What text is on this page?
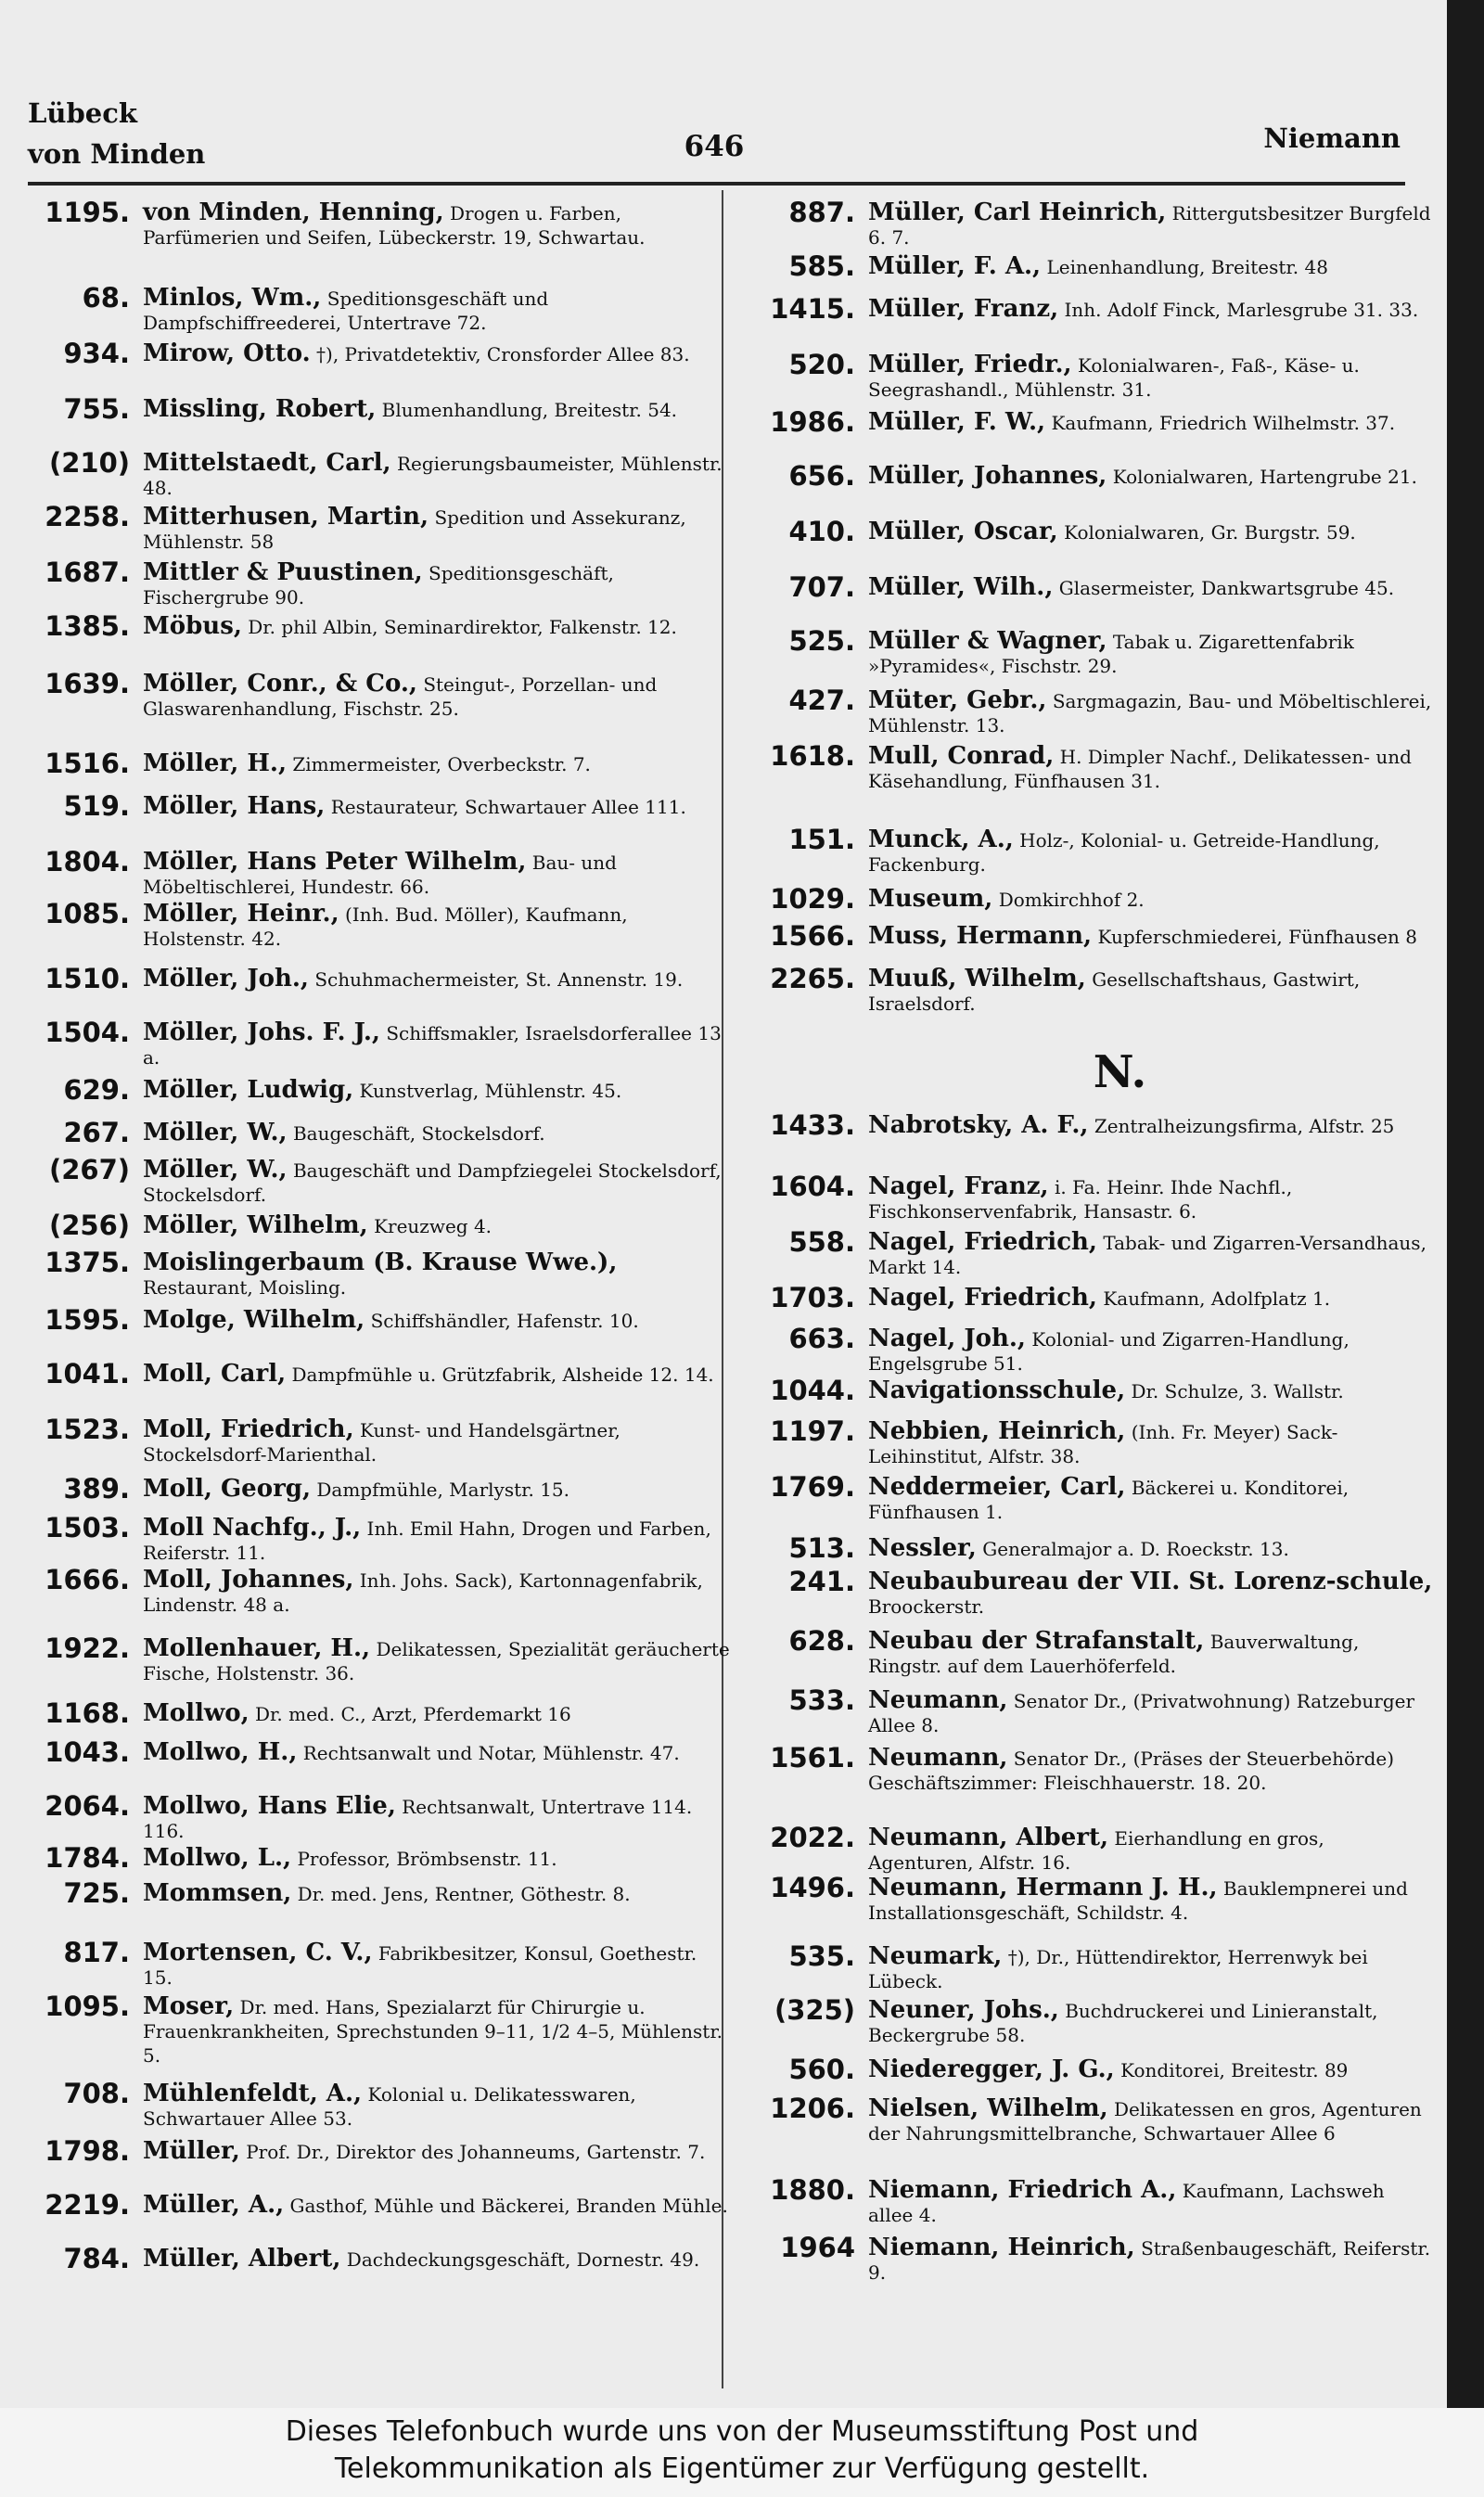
Lübeck
von Minden	646	Niemann
1195. von Minden, Henning, Drogen u. Farben, Parfümerien und Seifen, Lübeckerstr. 19, Schwartau.
68. Minlos, Wm., Speditionsgeschäft und Dampfschiffreederei, Untertrave 72.
934. Mirow, Otto. †), Privatdetektiv, Cronsforder Allee 83.
755. Missling, Robert, Blumenhandlung, Breitestr. 54.
(210) Mittelstaedt, Carl, Regierungsbaumeister, Mühlenstr. 48.
2258. Mitterhusen, Martin, Spedition und Assekuranz, Mühlenstr. 58
1687. Mittler & Puustinen, Speditionsgeschäft, Fischergrube 90.
1385. Möbus, Dr. phil Albin, Seminardirektor, Falkenstr. 12.
1639. Möller, Conr., & Co., Steingut-, Porzellan- und Glaswarenhandlung, Fischstr. 25.
1516. Möller, H., Zimmermeister, Overbeckstr. 7.
519. Möller, Hans, Restaurateur, Schwartauer Allee 111.
1804. Möller, Hans Peter Wilhelm, Bau- und Möbeltischlerei, Hundestr. 66.
1085. Möller, Heinr., (Inh. Bud. Möller), Kaufmann, Holstenstr. 42.
1510. Möller, Joh., Schuhmachermeister, St. Annenstr. 19.
1504. Möller, Johs. F. J., Schiffsmakler, Israelsdorferallee 13 a.
629. Möller, Ludwig, Kunstverlag, Mühlenstr. 45.
267. Möller, W., Baugeschäft, Stockelsdorf.
(267) Möller, W., Baugeschäft und Dampfziegelei Stockelsdorf, Stockelsdorf.
(256) Möller, Wilhelm, Kreuzweg 4.
1375. Moislingerbaum (B. Krause Wwe.), Restaurant, Moisling.
1595. Molge, Wilhelm, Schiffshändler, Hafenstr. 10.
1041. Moll, Carl, Dampfmühle u. Grützfabrik, Alsheide 12. 14.
1523. Moll, Friedrich, Kunst- und Handelsgärtner, Stockelsdorf-Marienthal.
389. Moll, Georg, Dampfmühle, Marlystr. 15.
1503. Moll Nachfg., J., Inh. Emil Hahn, Drogen und Farben, Reiferstr. 11.
1666. Moll, Johannes, Inh. Johs. Sack), Kartonnagenfabrik, Lindenstr. 48 a.
1922. Mollenhauer, H., Delikatessen, Spezialität geräucherte Fische, Holstenstr. 36.
1168. Mollwo, Dr. med. C., Arzt, Pferdemarkt 16
1043. Mollwo, H., Rechtsanwalt und Notar, Mühlenstr. 47.
2064. Mollwo, Hans Elie, Rechtsanwalt, Untertrave 114. 116.
1784. Mollwo, L., Professor, Brömbsenstr. 11.
725. Mommsen, Dr. med. Jens, Rentner, Göthestr. 8.
817. Mortensen, C. V., Fabrikbesitzer, Konsul, Goethestr. 15.
1095. Moser, Dr. med. Hans, Spezialarzt für Chirurgie u. Frauenkrankheiten, Sprechstunden 9–11, 1/2 4–5, Mühlenstr. 5.
708. Mühlenfeldt, A., Kolonial u. Delikatesswaren, Schwartauer Allee 53.
1798. Müller, Prof. Dr., Direktor des Johanneums, Gartenstr. 7.
2219. Müller, A., Gasthof, Mühle und Bäckerei, Branden Mühle.
784. Müller, Albert, Dachdeckungsgeschäft, Dornestr. 49.
887. Müller, Carl Heinrich, Rittergutsbesitzer Burgfeld 6. 7.
585. Müller, F. A., Leinenhandlung, Breitestr. 48
1415. Müller, Franz, Inh. Adolf Finck, Marlesgrube 31. 33.
520. Müller, Friedr., Kolonialwaren-, Faß-, Käse- u. Seegrashandl., Mühlenstr. 31.
1986. Müller, F. W., Kaufmann, Friedrich Wilhelmstr. 37.
656. Müller, Johannes, Kolonialwaren, Hartengrube 21.
410. Müller, Oscar, Kolonialwaren, Gr. Burgstr. 59.
707. Müller, Wilh., Glasermeister, Dankwartsgrube 45.
525. Müller & Wagner, Tabak u. Zigarettenfabrik »Pyramides«, Fischstr. 29.
427. Müter, Gebr., Sargmagazin, Bau- und Möbeltischlerei, Mühlenstr. 13.
1618. Mull, Conrad, H. Dimpler Nachf., Delikatessen- und Käsehandlung, Fünfhausen 31.
151. Munck, A., Holz-, Kolonial- u. Getreide-Handlung, Fackenburg.
1029. Museum, Domkirchhof 2.
1566. Muss, Hermann, Kupferschmiederei, Fünfhausen 8
2265. Muuß, Wilhelm, Gesellschaftshaus, Gastwirt, Israelsdorf.
N.
1433. Nabrotsky, A. F., Zentralheizungsfirma, Alfstr. 25
1604. Nagel, Franz, i. Fa. Heinr. Ihde Nachfl., Fischkonservenfabrik, Hansastr. 6.
558. Nagel, Friedrich, Tabak- und Zigarren-Versandhaus, Markt 14.
1703. Nagel, Friedrich, Kaufmann, Adolfplatz 1.
663. Nagel, Joh., Kolonial- und Zigarren-Handlung, Engelsgrube 51.
1044. Navigationsschule, Dr. Schulze, 3. Wallstr.
1197. Nebbien, Heinrich, (Inh. Fr. Meyer) Sack-Leihinstitut, Alfstr. 38.
1769. Neddermeier, Carl, Bäckerei u. Konditorei, Fünfhausen 1.
513. Nessler, Generalmajor a. D. Roeckstr. 13.
241. Neubaubureau der VII. St. Lorenz-schule, Broockerstr.
628. Neubau der Strafanstalt, Bauverwaltung, Ringstr. auf dem Lauerhöferfeld.
533. Neumann, Senator Dr., (Privatwohnung) Ratzeburger Allee 8.
1561. Neumann, Senator Dr., (Präses der Steuerbehörde) Geschäftszimmer: Fleischhauerstr. 18. 20.
2022. Neumann, Albert, Eierhandlung en gros, Agenturen, Alfstr. 16.
1496. Neumann, Hermann J. H., Bauklempnerei und Installationsgeschäft, Schildstr. 4.
535. Neumark, †), Dr., Hüttendirektor, Herrenwyk bei Lübeck.
(325) Neuner, Johs., Buchdruckerei und Linieranstalt, Beckergrube 58.
560. Niederegger, J. G., Konditorei, Breitestr. 89
1206. Nielsen, Wilhelm, Delikatessen en gros, Agenturen der Nahrungsmittelbranche, Schwartauer Allee 6
1880. Niemann, Friedrich A., Kaufmann, Lachsweh allee 4.
1964 Niemann, Heinrich, Straßenbaugeschäft, Reiferstr. 9.
Dieses Telefonbuch wurde uns von der Museumsstiftung Post und
Telekommunikation als Eigentümer zur Verfügung gestellt.
